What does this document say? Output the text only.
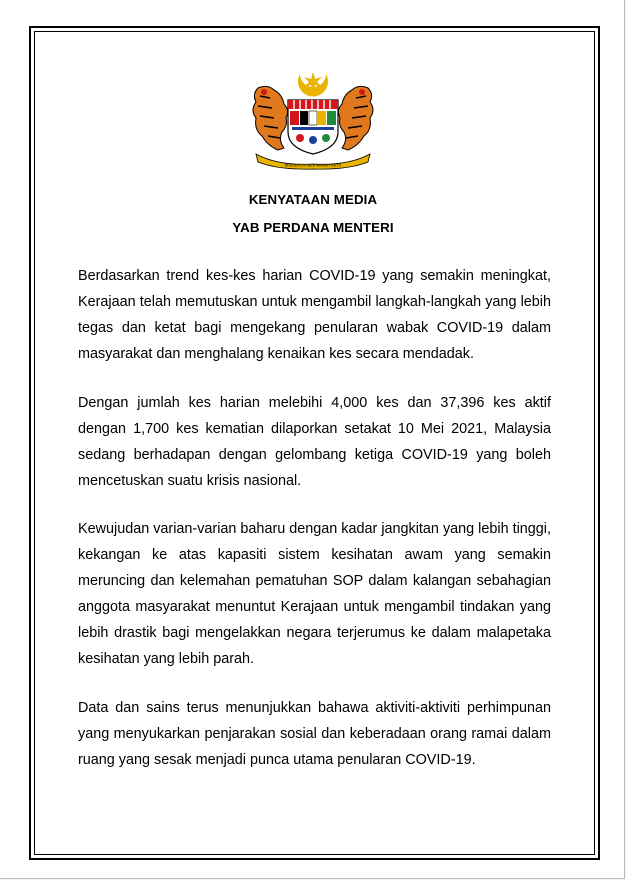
BERSEKUTU BERTAMBAH MUTU
KENYATAAN MEDIA
YAB PERDANA MENTERI

Berdasarkan trend kes-kes harian COVID-19 yang semakin meningkat, Kerajaan telah memutuskan untuk mengambil langkah-langkah yang lebih tegas dan ketat bagi mengekang penularan wabak COVID-19 dalam masyarakat dan menghalang kenaikan kes secara mendadak.

Dengan jumlah kes harian melebihi 4,000 kes dan 37,396 kes aktif dengan 1,700 kes kematian dilaporkan setakat 10 Mei 2021, Malaysia sedang berhadapan dengan gelombang ketiga COVID-19 yang boleh mencetuskan suatu krisis nasional.

Kewujudan varian-varian baharu dengan kadar jangkitan yang lebih tinggi, kekangan ke atas kapasiti sistem kesihatan awam yang semakin meruncing dan kelemahan pematuhan SOP dalam kalangan sebahagian anggota masyarakat menuntut Kerajaan untuk mengambil tindakan yang lebih drastik bagi mengelakkan negara terjerumus ke dalam malapetaka kesihatan yang lebih parah.

Data dan sains terus menunjukkan bahawa aktiviti-aktiviti perhimpunan yang menyukarkan penjarakan sosial dan keberadaan orang ramai dalam ruang yang sesak menjadi punca utama penularan COVID-19.
